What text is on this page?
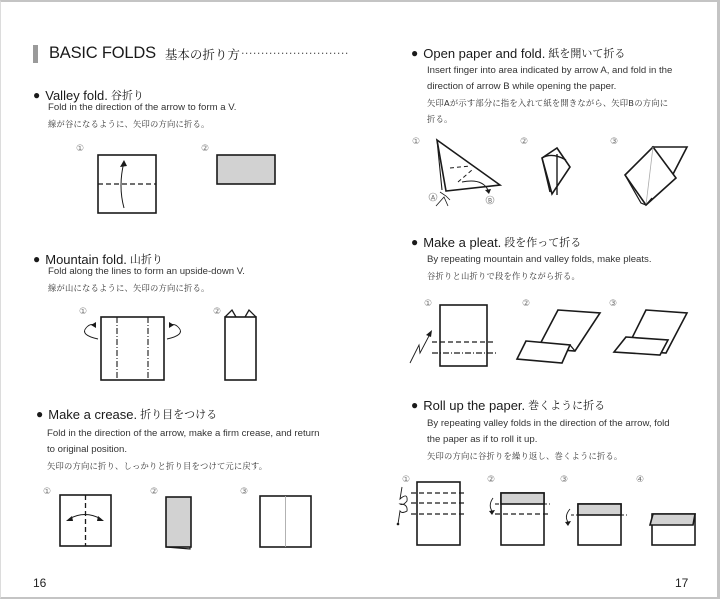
BASIC FOLDS 基本の折り方 ···························
● Valley fold. 谷折り
Fold in the direction of the arrow to form a V.
線が谷になるように、矢印の方向に折る。
①	②
● Mountain fold. 山折り
Fold along the lines to form an upside-down V.
線が山になるように、矢印の方向に折る。
①	②
● Make a crease. 折り目をつける
Fold in the direction of the arrow, make a firm crease, and return
to original position.
矢印の方向に折り、しっかりと折り目をつけて元に戻す。
①	②	③
16
● Open paper and fold. 紙を開いて折る
Insert finger into area indicated by arrow A, and fold in the
direction of arrow B while opening the paper.
矢印Aが示す部分に指を入れて紙を開きながら、矢印Bの方向に
折る。
①	②	③
A	B
● Make a pleat. 段を作って折る
By repeating mountain and valley folds, make pleats.
谷折りと山折りで段を作りながら折る。
①	②	③
● Roll up the paper. 巻くように折る
By repeating valley folds in the direction of the arrow, fold
the paper as if to roll it up.
矢印の方向に谷折りを繰り返し、巻くように折る。
①	②	③	④
17
